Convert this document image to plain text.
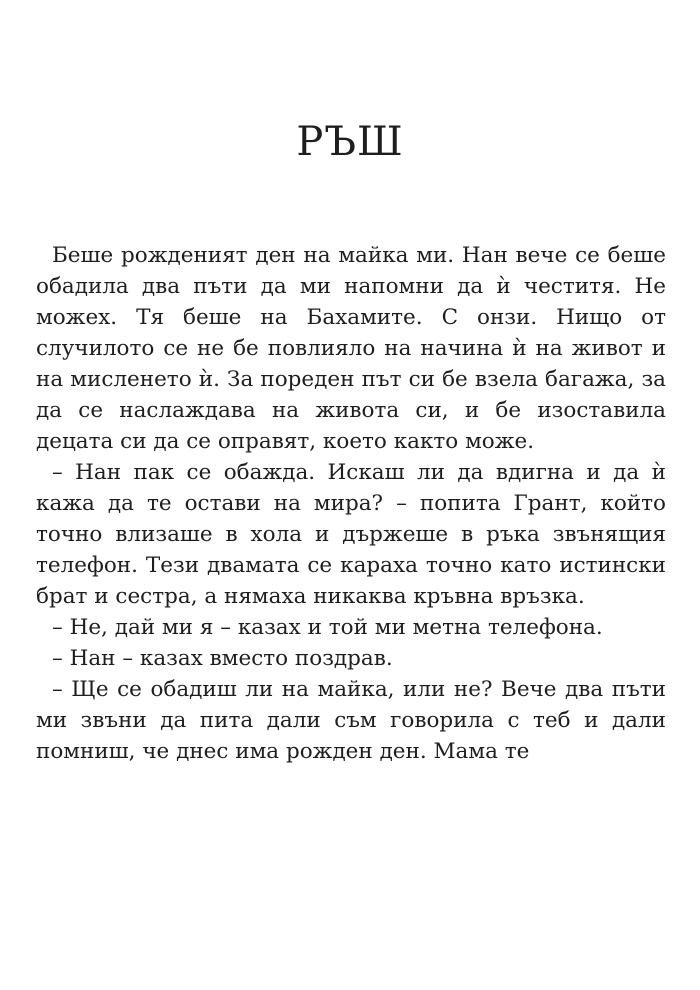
РЪШ

Беше рожденият ден на майка ми. Нан вече се беше обадила два пъти да ми напомни да ѝ честитя. Не можех. Тя беше на Бахамите. С онзи. Нищо от случилото се не бе повлияло на начина ѝ на живот и на мисленето ѝ. За пореден път си бе взела багажа, за да се наслаждава на живота си, и бе изоставила децата си да се оправят, което както може.

– Нан пак се обажда. Искаш ли да вдигна и да ѝ кажа да те остави на мира? – попита Грант, който точно влизаше в хола и държеше в ръка звънящия телефон. Тези двамата се караха точно като истински брат и сестра, а нямаха никаква кръвна връзка.

– Не, дай ми я – казах и той ми метна телефона.

– Нан – казах вместо поздрав.

– Ще се обадиш ли на майка, или не? Вече два пъти ми звъни да пита дали съм говорила с теб и дали помниш, че днес има рожден ден. Мама те
